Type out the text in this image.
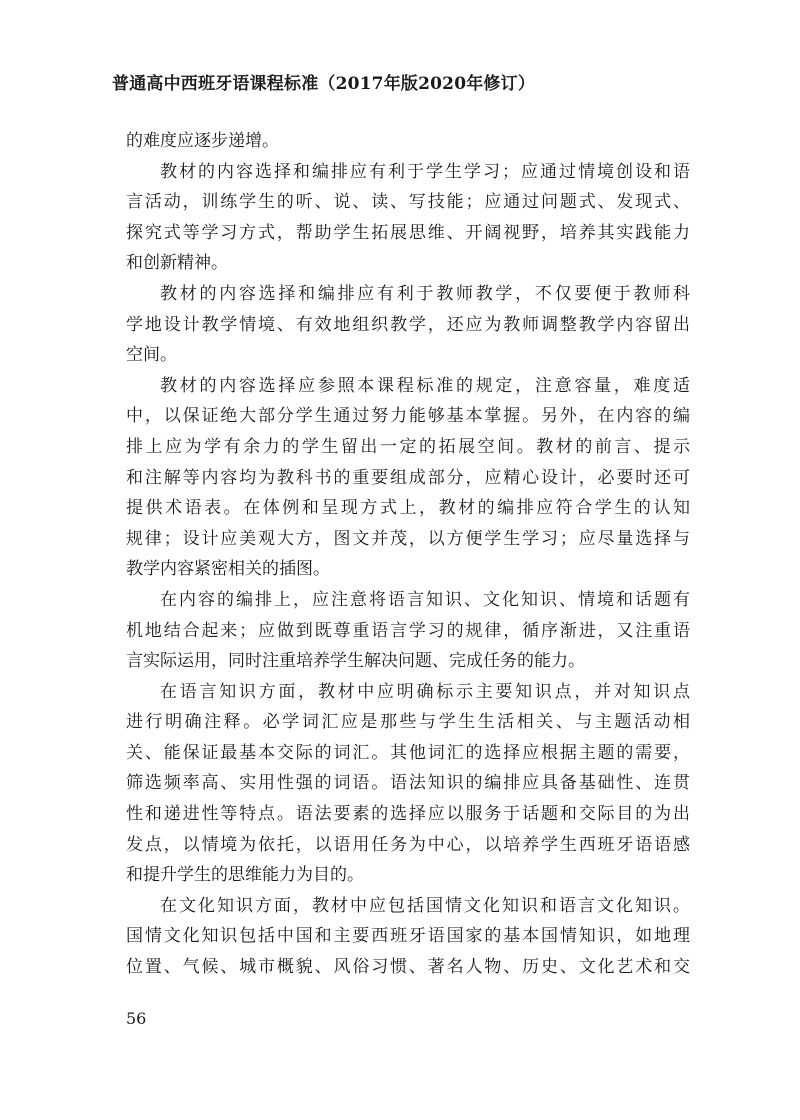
普通高中西班牙语课程标准（2017年版2020年修订）
的难度应逐步递增。
教材的内容选择和编排应有利于学生学习；应通过情境创设和语
言活动，训练学生的听、说、读、写技能；应通过问题式、发现式、
探究式等学习方式，帮助学生拓展思维、开阔视野，培养其实践能力
和创新精神。
教材的内容选择和编排应有利于教师教学，不仅要便于教师科
学地设计教学情境、有效地组织教学，还应为教师调整教学内容留出
空间。
教材的内容选择应参照本课程标准的规定，注意容量，难度适
中，以保证绝大部分学生通过努力能够基本掌握。另外，在内容的编
排上应为学有余力的学生留出一定的拓展空间。教材的前言、提示
和注解等内容均为教科书的重要组成部分，应精心设计，必要时还可
提供术语表。在体例和呈现方式上，教材的编排应符合学生的认知
规律；设计应美观大方，图文并茂，以方便学生学习；应尽量选择与
教学内容紧密相关的插图。
在内容的编排上，应注意将语言知识、文化知识、情境和话题有
机地结合起来；应做到既尊重语言学习的规律，循序渐进，又注重语
言实际运用，同时注重培养学生解决问题、完成任务的能力。
在语言知识方面，教材中应明确标示主要知识点，并对知识点
进行明确注释。必学词汇应是那些与学生生活相关、与主题活动相
关、能保证最基本交际的词汇。其他词汇的选择应根据主题的需要，
筛选频率高、实用性强的词语。语法知识的编排应具备基础性、连贯
性和递进性等特点。语法要素的选择应以服务于话题和交际目的为出
发点，以情境为依托，以语用任务为中心，以培养学生西班牙语语感
和提升学生的思维能力为目的。
在文化知识方面，教材中应包括国情文化知识和语言文化知识。
国情文化知识包括中国和主要西班牙语国家的基本国情知识，如地理
位置、气候、城市概貌、风俗习惯、著名人物、历史、文化艺术和交
56
